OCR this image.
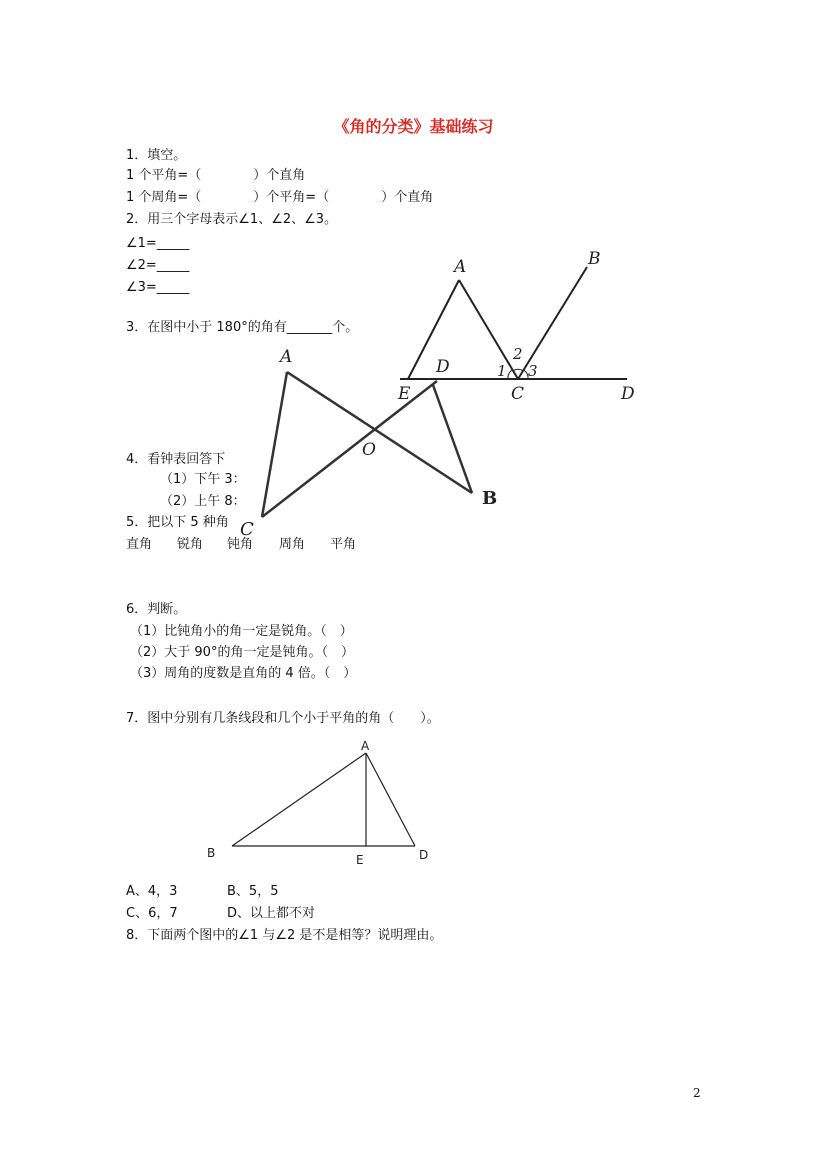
《角的分类》基础练习
1．填空。
1 个平角=（　　　　）个直角
1 个周角=（　　　　）个平角=（　　　　）个直角
2．用三个字母表示∠1、∠2、∠3。
∠1=_____
∠2=_____
∠3=_____
3．在图中小于 180°的角有_______个。
4．看钟表回答下
（1）下午 3：
（2）上午 8：
5．把以下 5 种角
直角 锐角 钝角 周角 平角
6．判断。
（1）比钝角小的角一定是锐角。（　）
（2）大于 90°的角一定是钝角。（　）
（3）周角的度数是直角的 4 倍。（　）
7．图中分别有几条线段和几个小于平角的角（　　）。
A、4，3	B、5，5
C、6，7	D、以上都不对
8．下面两个图中的∠1 与∠2 是不是相等？说明理由。
2
A	B
C	D
E
1
2
3
A
B
C
D
O
A
B	E	D
